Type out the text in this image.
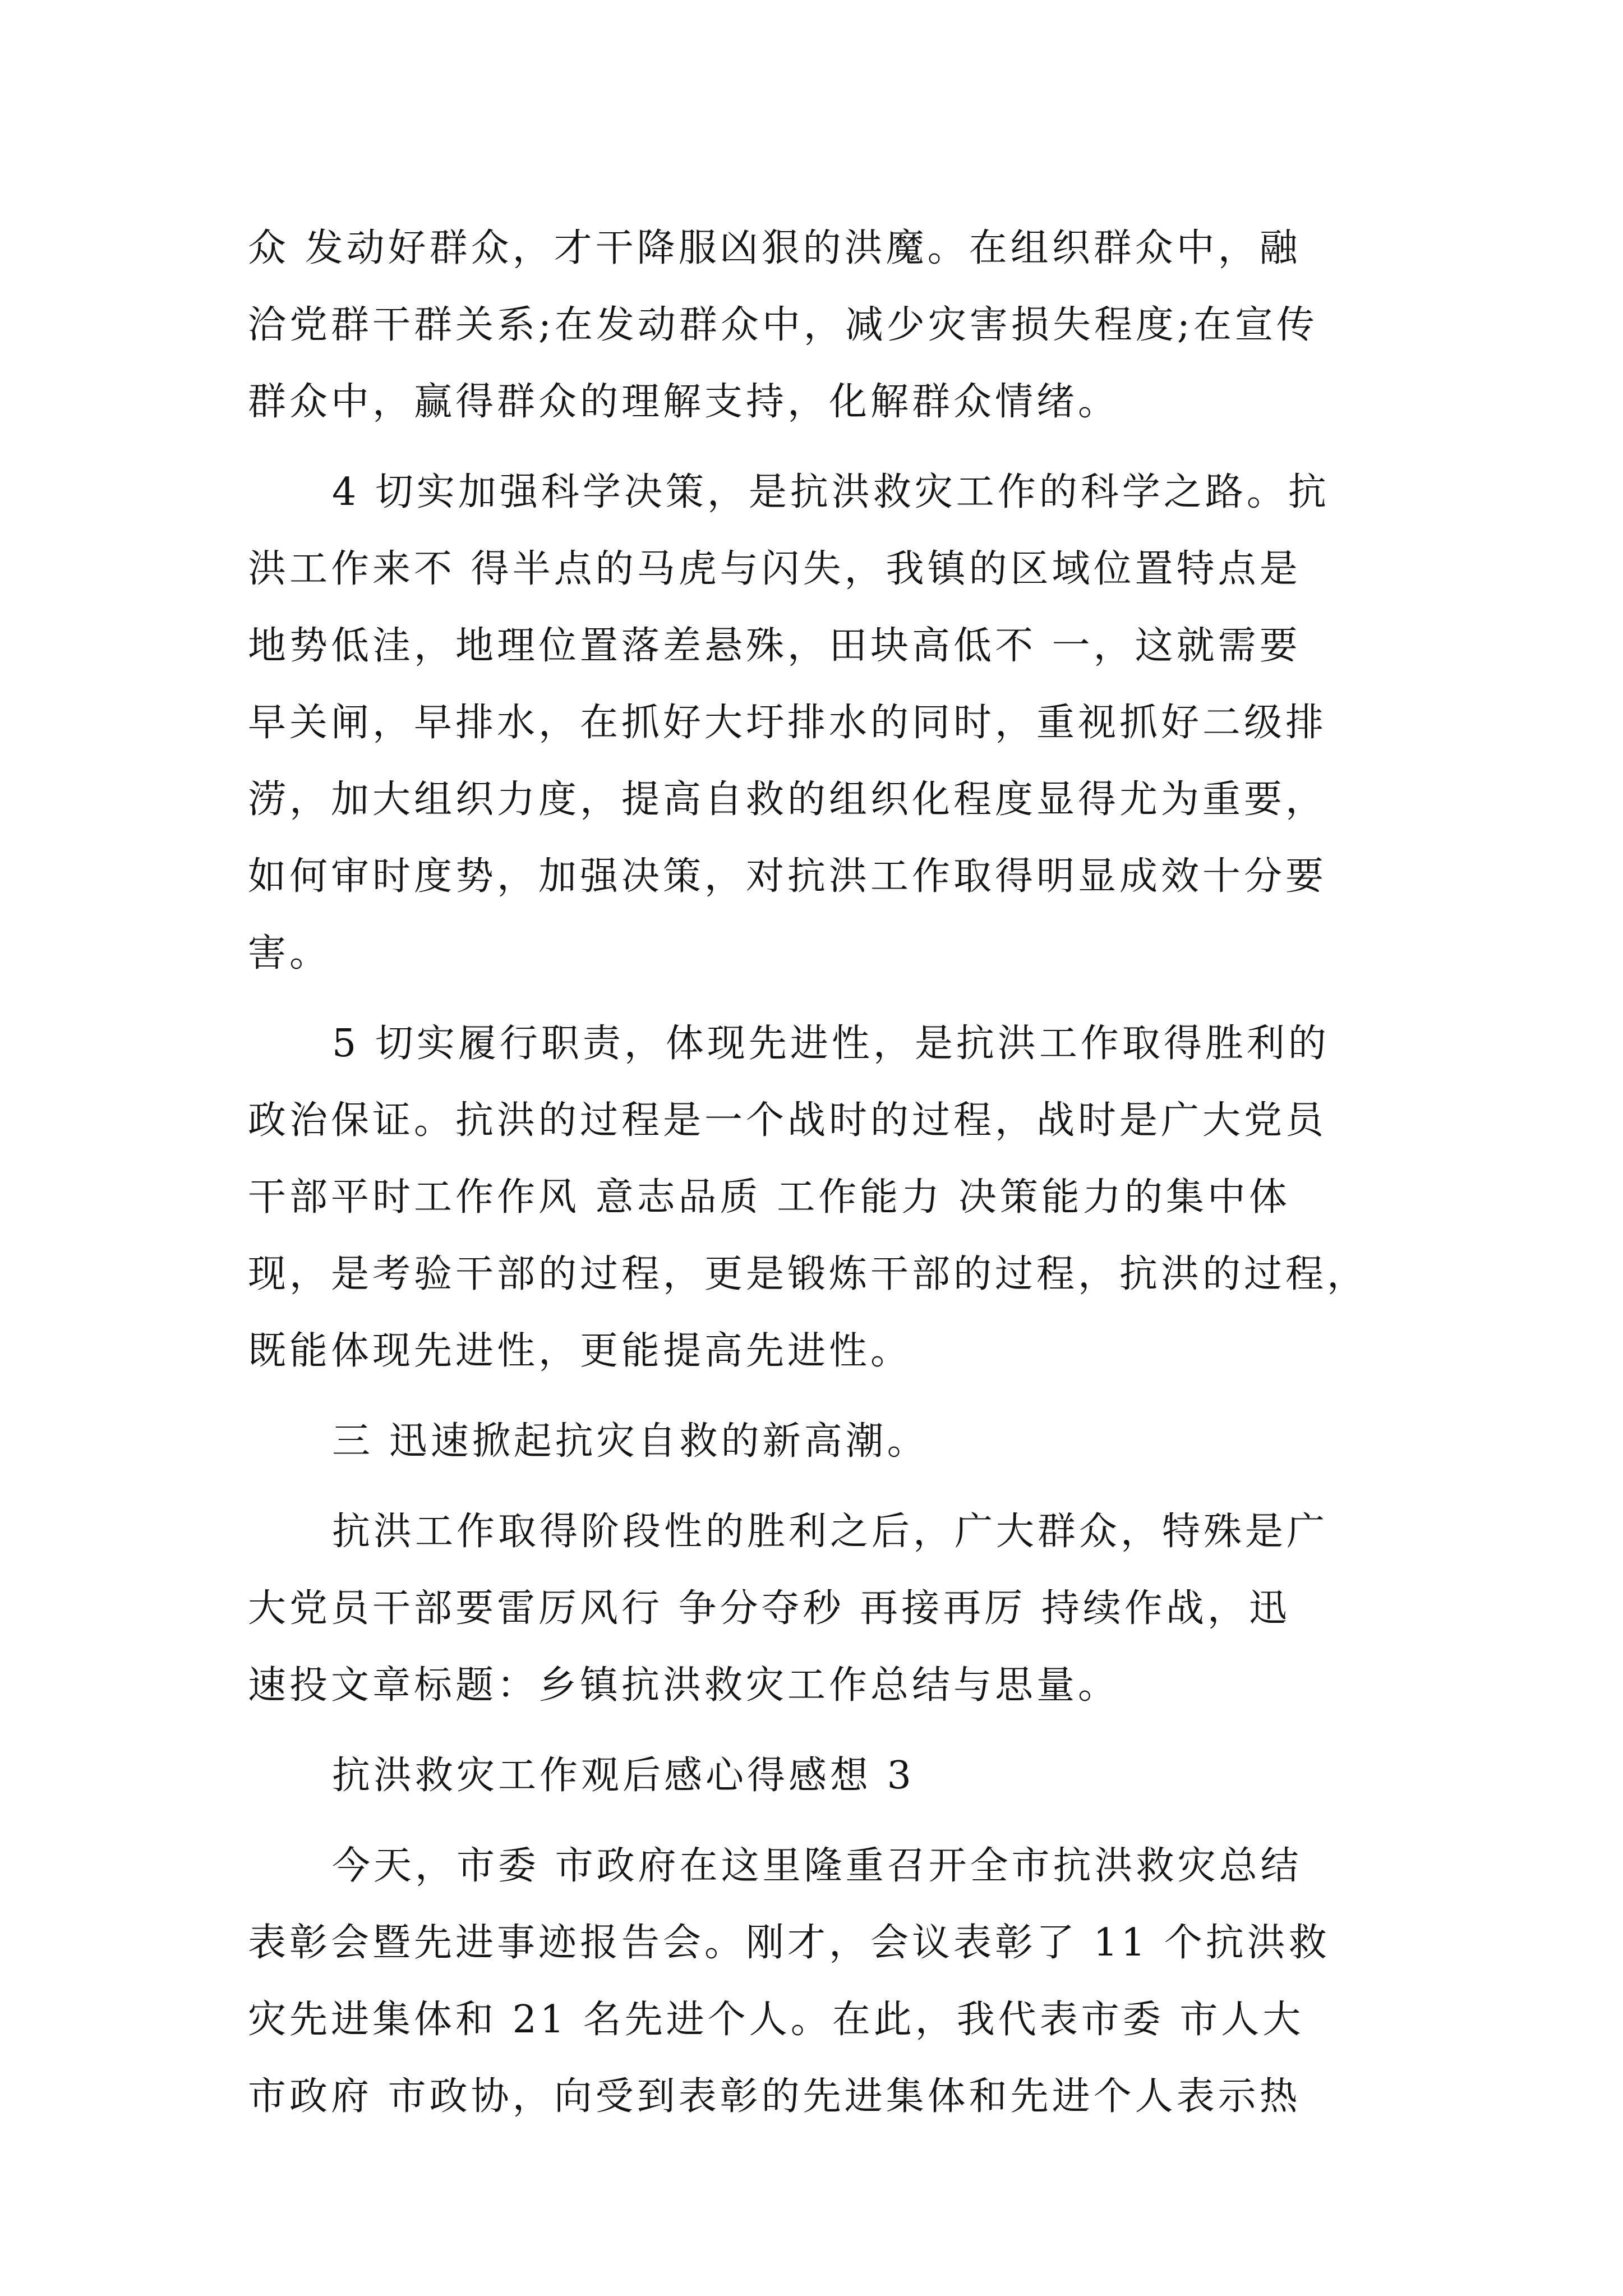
众 发动好群众，才干降服凶狠的洪魔。在组织群众中，融
洽党群干群关系;在发动群众中，减少灾害损失程度;在宣传
群众中，赢得群众的理解支持，化解群众情绪。
4 切实加强科学决策，是抗洪救灾工作的科学之路。抗
洪工作来不 得半点的马虎与闪失，我镇的区域位置特点是
地势低洼，地理位置落差悬殊，田块高低不 一，这就需要
早关闸，早排水，在抓好大圩排水的同时，重视抓好二级排
涝，加大组织力度，提高自救的组织化程度显得尤为重要，
如何审时度势，加强决策，对抗洪工作取得明显成效十分要
害。
5 切实履行职责，体现先进性，是抗洪工作取得胜利的
政治保证。抗洪的过程是一个战时的过程，战时是广大党员
干部平时工作作风 意志品质 工作能力 决策能力的集中体
现，是考验干部的过程，更是锻炼干部的过程，抗洪的过程，
既能体现先进性，更能提高先进性。
三 迅速掀起抗灾自救的新高潮。
抗洪工作取得阶段性的胜利之后，广大群众，特殊是广
大党员干部要雷厉风行 争分夺秒 再接再厉 持续作战，迅
速投文章标题：乡镇抗洪救灾工作总结与思量。
抗洪救灾工作观后感心得感想 3
今天，市委 市政府在这里隆重召开全市抗洪救灾总结
表彰会暨先进事迹报告会。刚才，会议表彰了 11 个抗洪救
灾先进集体和 21 名先进个人。在此，我代表市委 市人大
市政府 市政协，向受到表彰的先进集体和先进个人表示热
